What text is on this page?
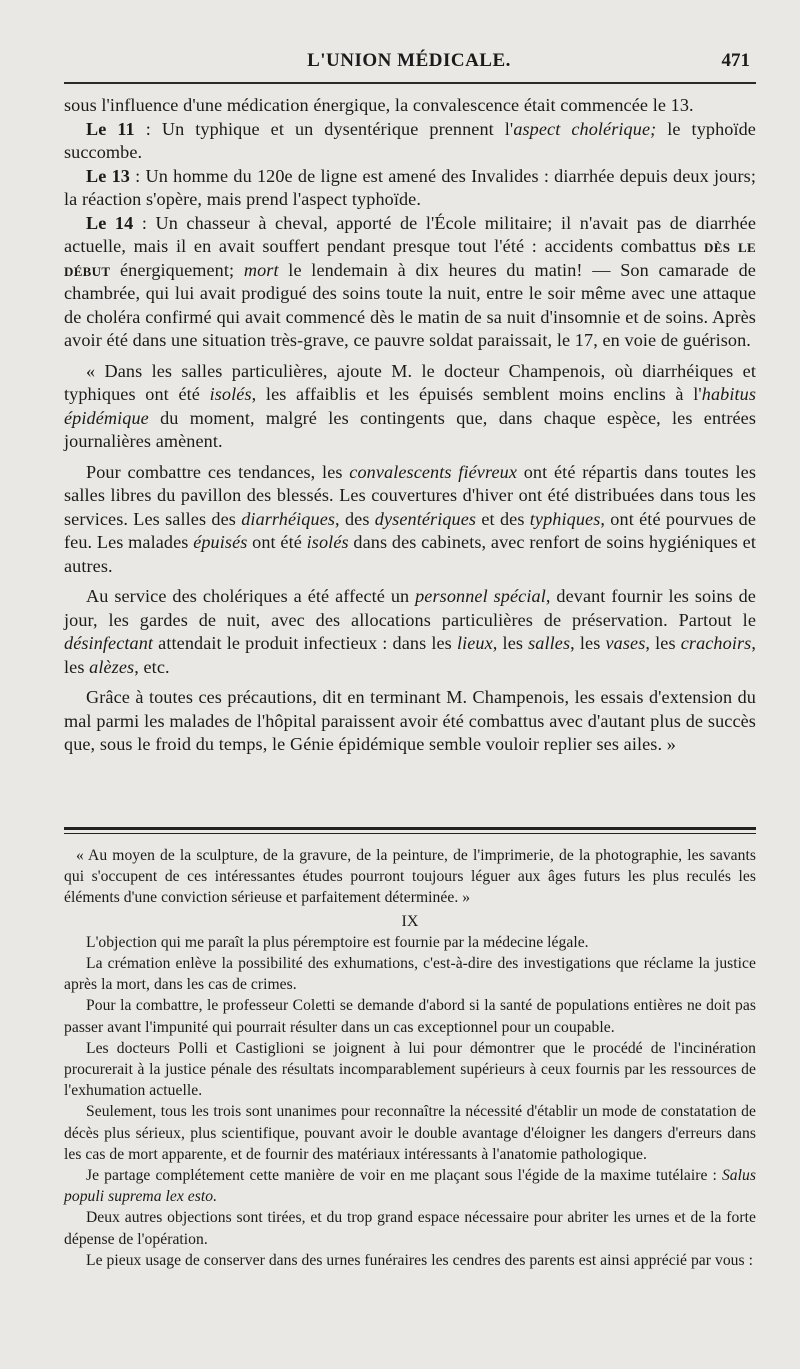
L'UNION MÉDICALE.	471

sous l'influence d'une médication énergique, la convalescence était commencée le 13.

Le 11 : Un typhique et un dysentérique prennent l'aspect cholérique; le typhoïde succombe.

Le 13 : Un homme du 120e de ligne est amené des Invalides : diarrhée depuis deux jours; la réaction s'opère, mais prend l'aspect typhoïde.

Le 14 : Un chasseur à cheval, apporté de l'École militaire; il n'avait pas de diarrhée actuelle, mais il en avait souffert pendant presque tout l'été : accidents combattus dès le début énergiquement; mort le lendemain à dix heures du matin! — Son camarade de chambrée, qui lui avait prodigué des soins toute la nuit, entre le soir même avec une attaque de choléra confirmé qui avait commencé dès le matin de sa nuit d'insomnie et de soins. Après avoir été dans une situation très-grave, ce pauvre soldat paraissait, le 17, en voie de guérison.

« Dans les salles particulières, ajoute M. le docteur Champenois, où diarrhéiques et typhiques ont été isolés, les affaiblis et les épuisés semblent moins enclins à l'habitus épidémique du moment, malgré les contingents que, dans chaque espèce, les entrées journalières amènent.

Pour combattre ces tendances, les convalescents fiévreux ont été répartis dans toutes les salles libres du pavillon des blessés. Les couvertures d'hiver ont été distribuées dans tous les services. Les salles des diarrhéiques, des dysentériques et des typhiques, ont été pourvues de feu. Les malades épuisés ont été isolés dans des cabinets, avec renfort de soins hygiéniques et autres.

Au service des cholériques a été affecté un personnel spécial, devant fournir les soins de jour, les gardes de nuit, avec des allocations particulières de préservation. Partout le désinfectant attendait le produit infectieux : dans les lieux, les salles, les vases, les crachoirs, les alèzes, etc.

Grâce à toutes ces précautions, dit en terminant M. Champenois, les essais d'extension du mal parmi les malades de l'hôpital paraissent avoir été combattus avec d'autant plus de succès que, sous le froid du temps, le Génie épidémique semble vouloir replier ses ailes. »

« Au moyen de la sculpture, de la gravure, de la peinture, de l'imprimerie, de la photographie, les savants qui s'occupent de ces intéressantes études pourront toujours léguer aux âges futurs les plus reculés les éléments d'une conviction sérieuse et parfaitement déterminée. »

IX

L'objection qui me paraît la plus péremptoire est fournie par la médecine légale.

La crémation enlève la possibilité des exhumations, c'est-à-dire des investigations que réclame la justice après la mort, dans les cas de crimes.

Pour la combattre, le professeur Coletti se demande d'abord si la santé de populations entières ne doit pas passer avant l'impunité qui pourrait résulter dans un cas exceptionnel pour un coupable.

Les docteurs Polli et Castiglioni se joignent à lui pour démontrer que le procédé de l'incinération procurerait à la justice pénale des résultats incomparablement supérieurs à ceux fournis par les ressources de l'exhumation actuelle.

Seulement, tous les trois sont unanimes pour reconnaître la nécessité d'établir un mode de constatation de décès plus sérieux, plus scientifique, pouvant avoir le double avantage d'éloigner les dangers d'erreurs dans les cas de mort apparente, et de fournir des matériaux intéressants à l'anatomie pathologique.

Je partage complétement cette manière de voir en me plaçant sous l'égide de la maxime tutélaire : Salus populi suprema lex esto.

Deux autres objections sont tirées, et du trop grand espace nécessaire pour abriter les urnes et de la forte dépense de l'opération.

Le pieux usage de conserver dans des urnes funéraires les cendres des parents est ainsi apprécié par vous :
